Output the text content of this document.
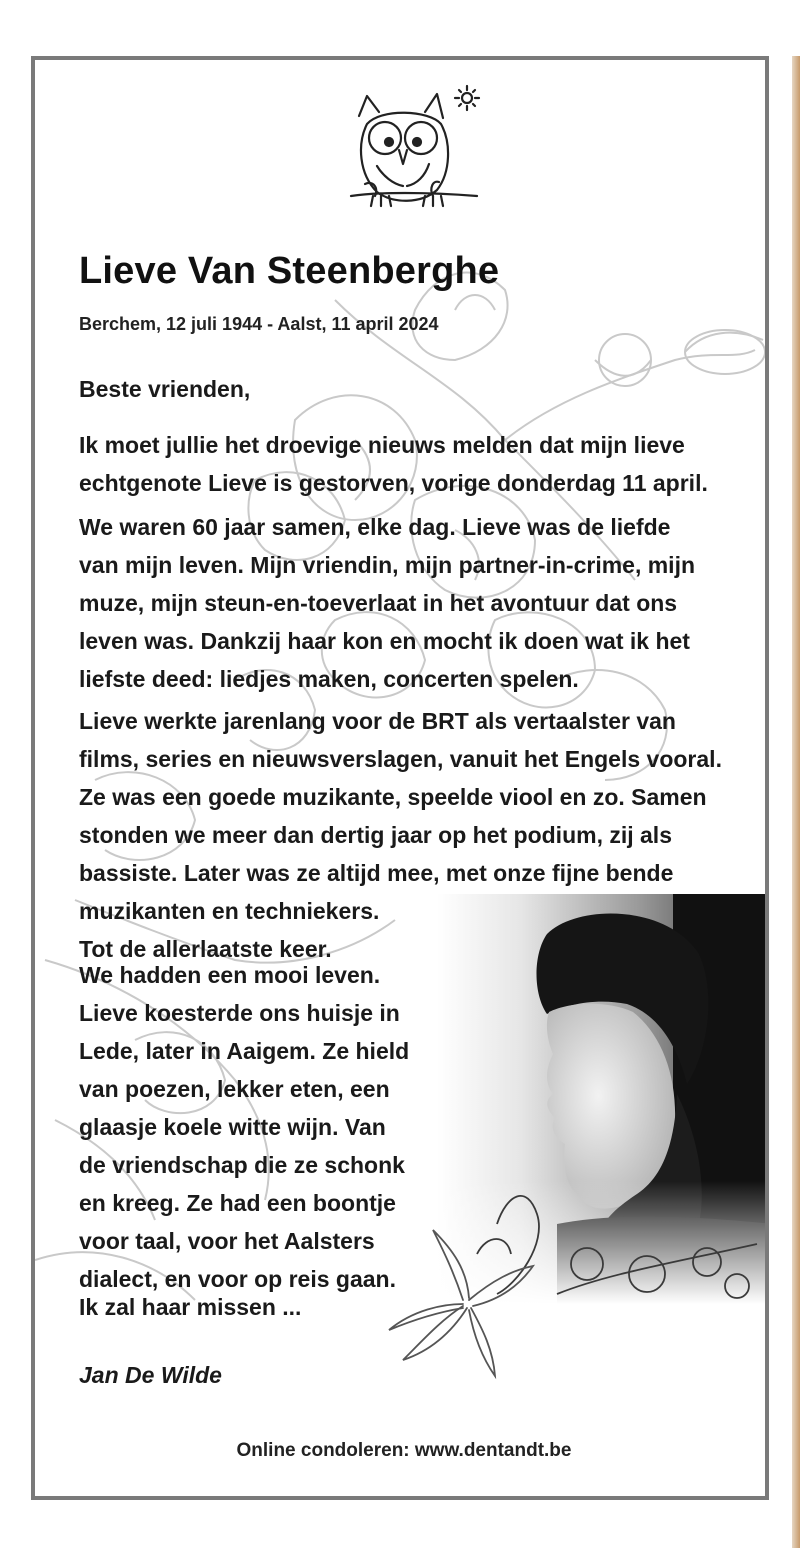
Lieve Van Steenberghe

Berchem, 12 juli 1944 - Aalst, 11 april 2024

Beste vrienden,

Ik moet jullie het droevige nieuws melden dat mijn lieve
echtgenote Lieve is gestorven, vorige donderdag 11 april.

We waren 60 jaar samen, elke dag. Lieve was de liefde
van mijn leven. Mijn vriendin, mijn partner-in-crime, mijn
muze, mijn steun-en-toeverlaat in het avontuur dat ons
leven was. Dankzij haar kon en mocht ik doen wat ik het
liefste deed: liedjes maken, concerten spelen.

Lieve werkte jarenlang voor de BRT als vertaalster van
films, series en nieuwsverslagen, vanuit het Engels vooral.
Ze was een goede muzikante, speelde viool en zo. Samen
stonden we meer dan dertig jaar op het podium, zij als
bassiste. Later was ze altijd mee, met onze fijne bende
muzikanten en techniekers.
Tot de allerlaatste keer.

We hadden een mooi leven.
Lieve koesterde ons huisje in
Lede, later in Aaigem. Ze hield
van poezen, lekker eten, een
glaasje koele witte wijn. Van
de vriendschap die ze schonk
en kreeg. Ze had een boontje
voor taal, voor het Aalsters
dialect, en voor op reis gaan.

Ik zal haar missen ...

Jan De Wilde

Online condoleren: www.dentandt.be
